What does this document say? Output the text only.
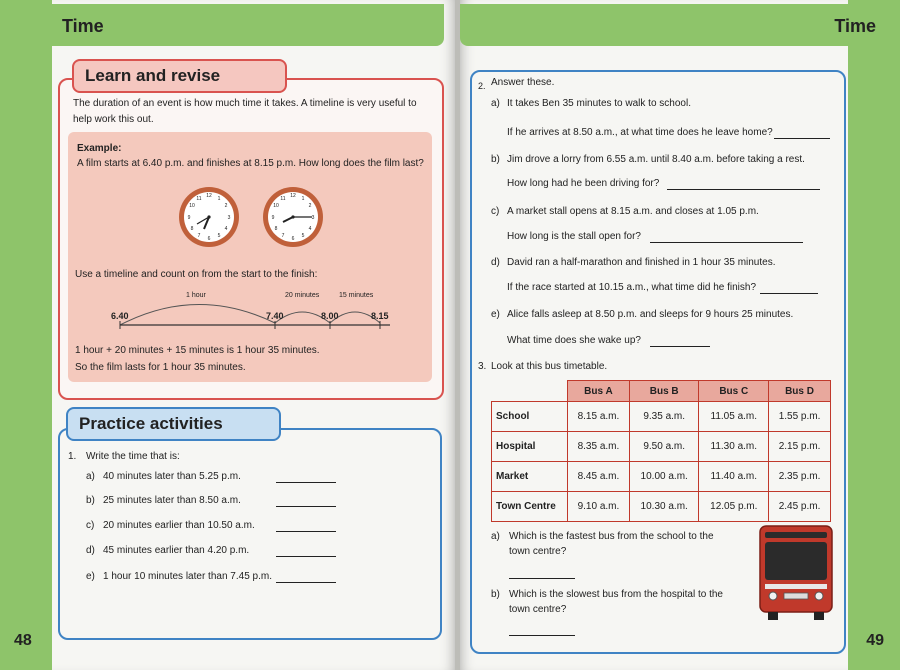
Time
48
Learn and revise
The duration of an event is how much time it takes. A timeline is very useful to
help work this out.
Example:
A film starts at 6.40 p.m. and finishes at 8.15 p.m. How long does the film last?
12 1
2
3
4
5
6
7
8
9
10
11	12 1
2
3
4
5
6
7
8
9
10
11
Use a timeline and count on from the start to the finish:
1 hour	20 minutes	15 minutes
6.40	7.40	8.00	8.15
1 hour + 20 minutes + 15 minutes is 1 hour 35 minutes.
So the film lasts for 1 hour 35 minutes.
Practice activities
1. Write the time that is:
a) 40 minutes later than 5.25 p.m.
b) 25 minutes later than 8.50 a.m.
c) 20 minutes earlier than 10.50 a.m.
d) 45 minutes earlier than 4.20 p.m.
e) 1 hour 10 minutes later than 7.45 p.m.
Time
49
2. Answer these.
a) It takes Ben 35 minutes to walk to school.
If he arrives at 8.50 a.m., at what time does he leave home?
b) Jim drove a lorry from 6.55 a.m. until 8.40 a.m. before taking a rest.
How long had he been driving for?
c) A market stall opens at 8.15 a.m. and closes at 1.05 p.m.
How long is the stall open for?
d) David ran a half-marathon and finished in 1 hour 35 minutes.
If the race started at 10.15 a.m., what time did he finish?
e) Alice falls asleep at 8.50 p.m. and sleeps for 9 hours 25 minutes.
What time does she wake up?
3. Look at this bus timetable.
	Bus A	Bus B	Bus C	Bus D
School	8.15 a.m.	9.35 a.m.	11.05 a.m.	1.55 p.m.
Hospital	8.35 a.m.	9.50 a.m.	11.30 a.m.	2.15 p.m.
Market	8.45 a.m.	10.00 a.m.	11.40 a.m.	2.35 p.m.
Town Centre	9.10 a.m.	10.30 a.m.	12.05 p.m.	2.45 p.m.
a) Which is the fastest bus from the school to the
town centre?
b) Which is the slowest bus from the hospital to the
town centre?
